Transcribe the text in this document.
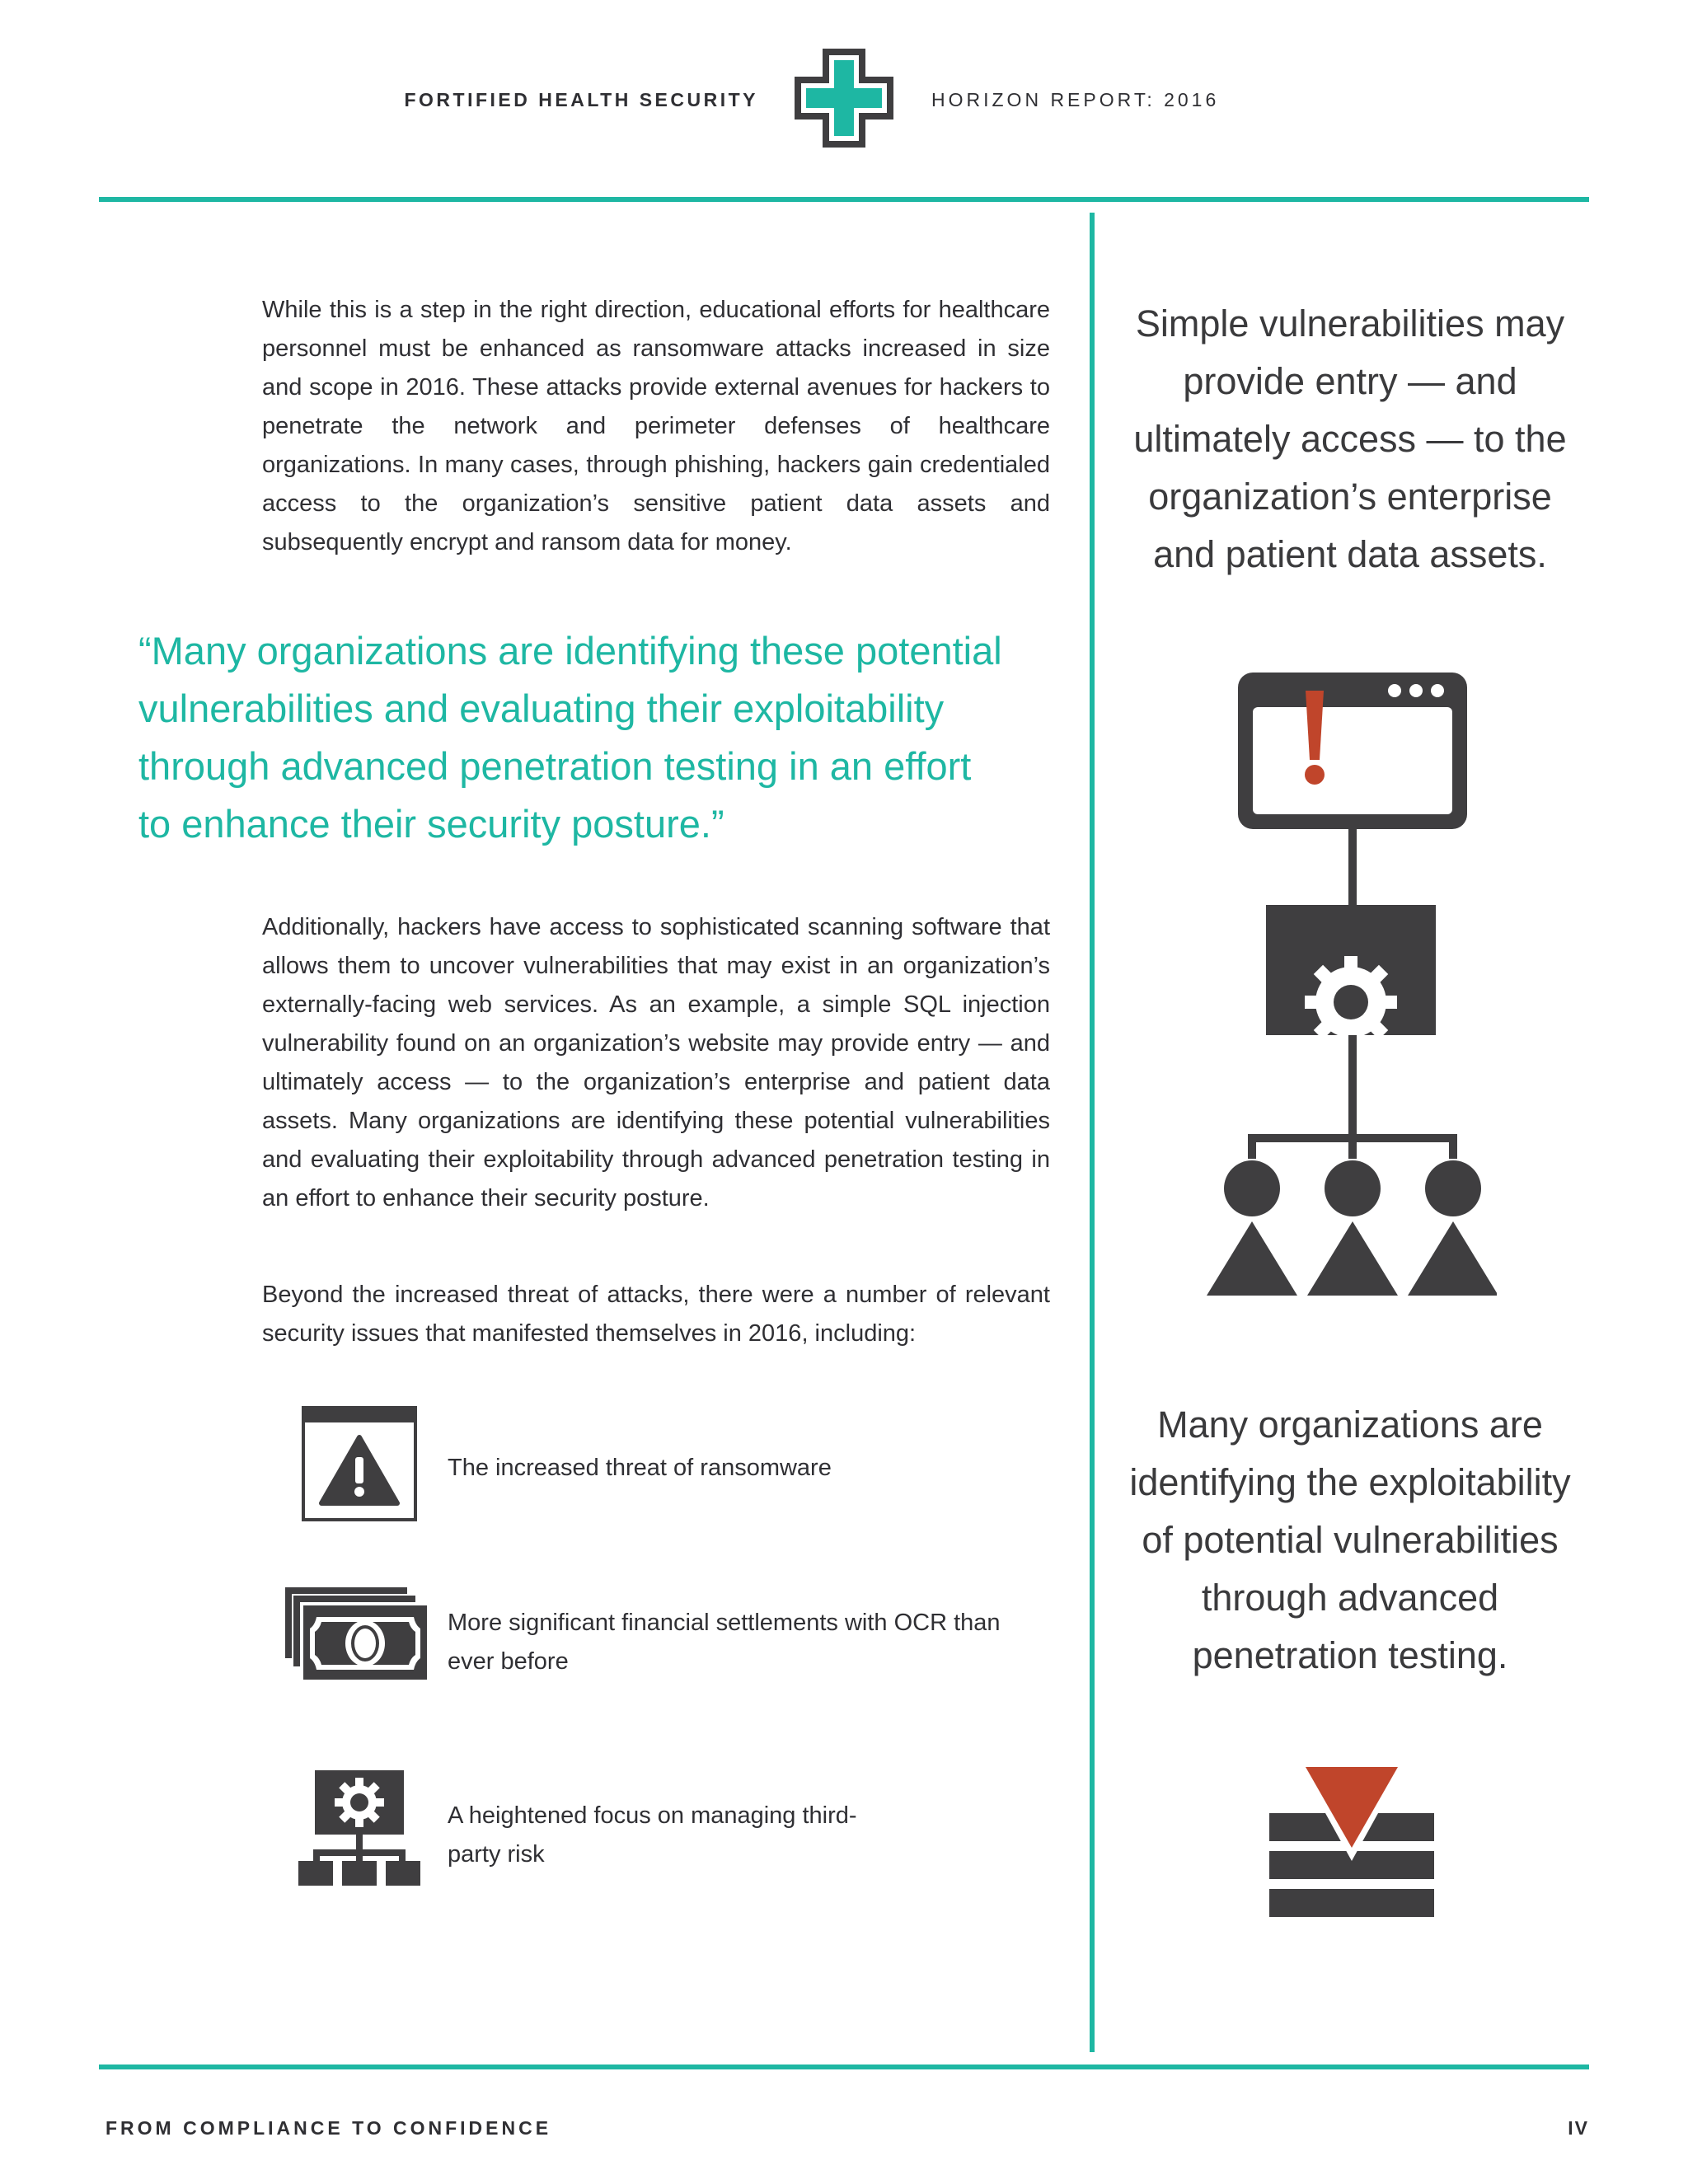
FORTIFIED HEALTH SECURITY	HORIZON REPORT: 2016
While this is a step in the right direction, educational efforts for healthcare personnel must be enhanced as ransomware attacks increased in size and scope in 2016. These attacks provide external avenues for hackers to penetrate the network and perimeter defenses of healthcare organizations. In many cases, through phishing, hackers gain credentialed access to the organization’s sensitive patient data assets and subsequently encrypt and ransom data for money.
“Many organizations are identifying these potential
vulnerabilities and evaluating their exploitability
through advanced penetration testing in an effort
to enhance their security posture.”
Additionally, hackers have access to sophisticated scanning software that allows them to uncover vulnerabilities that may exist in an organization’s externally-facing web services. As an example, a simple SQL injection vulnerability found on an organization’s website may provide entry — and ultimately access — to the organization’s enterprise and patient data assets. Many organizations are identifying these potential vulnerabilities and evaluating their exploitability through advanced penetration testing in an effort to enhance their security posture.
Beyond the increased threat of attacks, there were a number of relevant security issues that manifested themselves in 2016, including:
The increased threat of ransomware
More significant financial settlements with OCR than ever before
A heightened focus on managing third-party risk
Simple vulnerabilities may provide entry — and ultimately access — to the organization’s enterprise and patient data assets.
Many organizations are identifying the exploitability of potential vulnerabilities through advanced penetration testing.
FROM COMPLIANCE TO CONFIDENCE	IV
